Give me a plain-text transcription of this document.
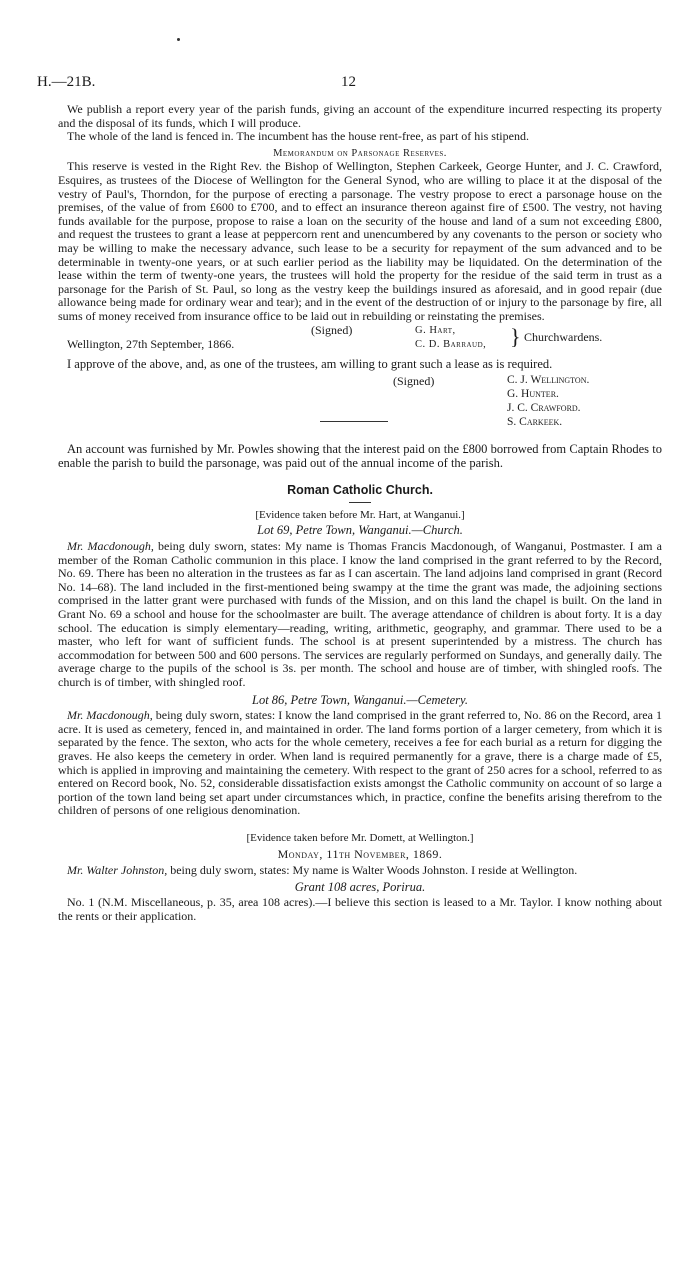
H.—21B.	12

We publish a report every year of the parish funds, giving an account of the expenditure incurred respecting its property and the disposal of its funds, which I will produce.

The whole of the land is fenced in. The incumbent has the house rent-free, as part of his stipend.

Memorandum on Parsonage Reserves.

This reserve is vested in the Right Rev. the Bishop of Wellington, Stephen Carkeek, George Hunter, and J. C. Crawford, Esquires, as trustees of the Diocese of Wellington for the General Synod, who are willing to place it at the disposal of the vestry of Paul's, Thorndon, for the purpose of erecting a parsonage. The vestry propose to erect a parsonage house on the premises, of the value of from £600 to £700, and to effect an insurance thereon against fire of £500. The vestry, not having funds available for the purpose, propose to raise a loan on the security of the house and land of a sum not exceeding £800, and request the trustees to grant a lease at peppercorn rent and unencumbered by any covenants to the person or society who may be willing to make the necessary advance, such lease to be a security for repayment of the sum advanced and to be determinable in twenty-one years, or at such earlier period as the liability may be liquidated. On the determination of the lease within the term of twenty-one years, the trustees will hold the property for the residue of the said term in trust as a parsonage for the Parish of St. Paul, so long as the vestry keep the buildings insured as aforesaid, and in good repair (due allowance being made for ordinary wear and tear); and in the event of the destruction of or injury to the parsonage by fire, all sums of money received from insurance office to be laid out in rebuilding or reinstating the premises.

(Signed)
Wellington, 27th September, 1866.
G. Hart,
C. D. Barraud, } Churchwardens.

I approve of the above, and, as one of the trustees, am willing to grant such a lease as is required.

(Signed)	C. J. Wellington.
G. Hunter.
J. C. Crawford.
S. Carkeek.

An account was furnished by Mr. Powles showing that the interest paid on the £800 borrowed from Captain Rhodes to enable the parish to build the parsonage, was paid out of the annual income of the parish.

Roman Catholic Church.

[Evidence taken before Mr. Hart, at Wanganui.]

Lot 69, Petre Town, Wanganui.—Church.

Mr. Macdonough, being duly sworn, states: My name is Thomas Francis Macdonough, of Wanganui, Postmaster. I am a member of the Roman Catholic communion in this place. I know the land comprised in the grant referred to by the Record, No. 69. There has been no alteration in the trustees as far as I can ascertain. The land adjoins land comprised in grant (Record No. 14–68). The land included in the first-mentioned being swampy at the time the grant was made, the adjoining sections comprised in the latter grant were purchased with funds of the Mission, and on this land the chapel is built. On the land in Grant No. 69 a school and house for the schoolmaster are built. The average attendance of children is about forty. It is a day school. The education is simply elementary—reading, writing, arithmetic, geography, and grammar. There used to be a master, who left for want of sufficient funds. The school is at present superintended by a mistress. The church has accommodation for between 500 and 600 persons. The services are regularly performed on Sundays, and generally daily. The average charge to the pupils of the school is 3s. per month. The school and house are of timber, with shingled roofs. The church is of timber, with shingled roof.

Lot 86, Petre Town, Wanganui.—Cemetery.

Mr. Macdonough, being duly sworn, states: I know the land comprised in the grant referred to, No. 86 on the Record, area 1 acre. It is used as cemetery, fenced in, and maintained in order. The land forms portion of a larger cemetery, from which it is separated by the fence. The sexton, who acts for the whole cemetery, receives a fee for each burial as a return for digging the graves. He also keeps the cemetery in order. When land is required permanently for a grave, there is a charge made of £5, which is applied in improving and maintaining the cemetery. With respect to the grant of 250 acres for a school, referred to as entered on Record book, No. 52, considerable dissatisfaction exists amongst the Catholic community on account of so large a portion of the town land being set apart under circumstances which, in practice, confine the benefits arising therefrom to the children of persons of one religious denomination.

[Evidence taken before Mr. Domett, at Wellington.]

Monday, 11th November, 1869.

Mr. Walter Johnston, being duly sworn, states: My name is Walter Woods Johnston. I reside at Wellington.

Grant 108 acres, Porirua.

No. 1 (N.M. Miscellaneous, p. 35, area 108 acres).—I believe this section is leased to a Mr. Taylor. I know nothing about the rents or their application.
